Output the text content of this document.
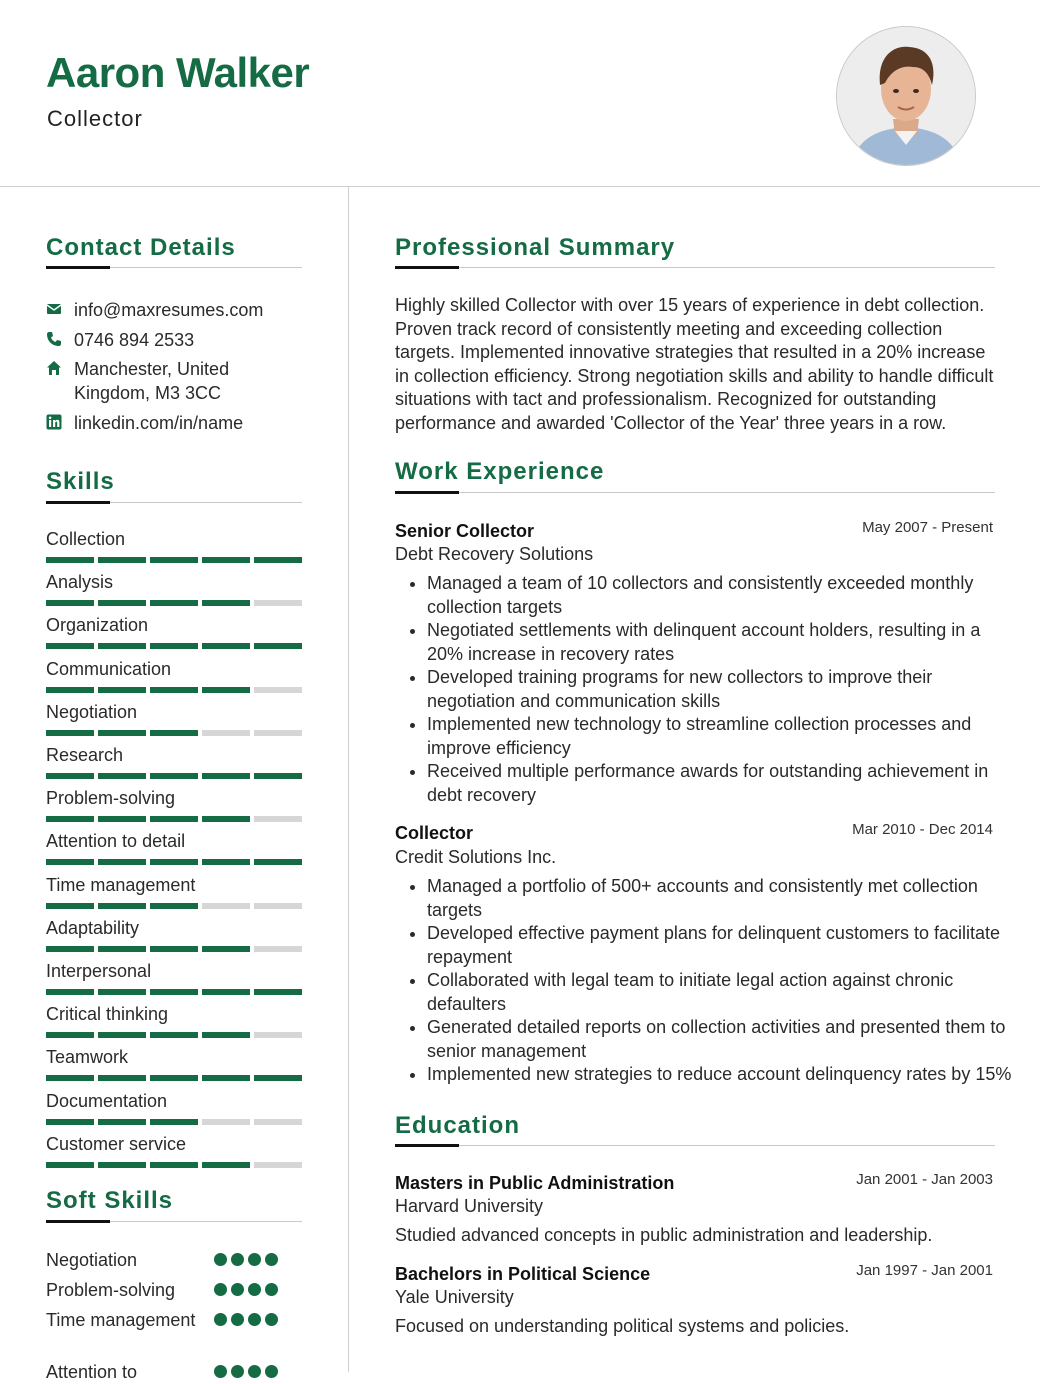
Aaron Walker
Collector
Contact Details
info@maxresumes.com
0746 894 2533
Manchester, United
Kingdom, M3 3CC
linkedin.com/in/name
Skills
Collection
Analysis
Organization
Communication
Negotiation
Research
Problem-solving
Attention to detail
Time management
Adaptability
Interpersonal
Critical thinking
Teamwork
Documentation
Customer service
Soft Skills
Negotiation
Problem-solving
Time management
Attention to
Professional Summary

Highly skilled Collector with over 15 years of experience in debt collection. Proven track record of consistently meeting and exceeding collection targets. Implemented innovative strategies that resulted in a 20% increase in collection efficiency. Strong negotiation skills and ability to handle difficult situations with tact and professionalism. Recognized for outstanding performance and awarded 'Collector of the Year' three years in a row.

Work Experience
Senior Collector	May 2007 - Present
Debt Recovery Solutions
• Managed a team of 10 collectors and consistently exceeded monthly collection targets
• Negotiated settlements with delinquent account holders, resulting in a 20% increase in recovery rates
• Developed training programs for new collectors to improve their negotiation and communication skills
• Implemented new technology to streamline collection processes and improve efficiency
• Received multiple performance awards for outstanding achievement in debt recovery
Collector	Mar 2010 - Dec 2014
Credit Solutions Inc.
• Managed a portfolio of 500+ accounts and consistently met collection targets
• Developed effective payment plans for delinquent customers to facilitate repayment
• Collaborated with legal team to initiate legal action against chronic defaulters
• Generated detailed reports on collection activities and presented them to senior management
• Implemented new strategies to reduce account delinquency rates by 15%
Education
Masters in Public Administration	Jan 2001 - Jan 2003
Harvard University
Studied advanced concepts in public administration and leadership.
Bachelors in Political Science	Jan 1997 - Jan 2001
Yale University
Focused on understanding political systems and policies.
